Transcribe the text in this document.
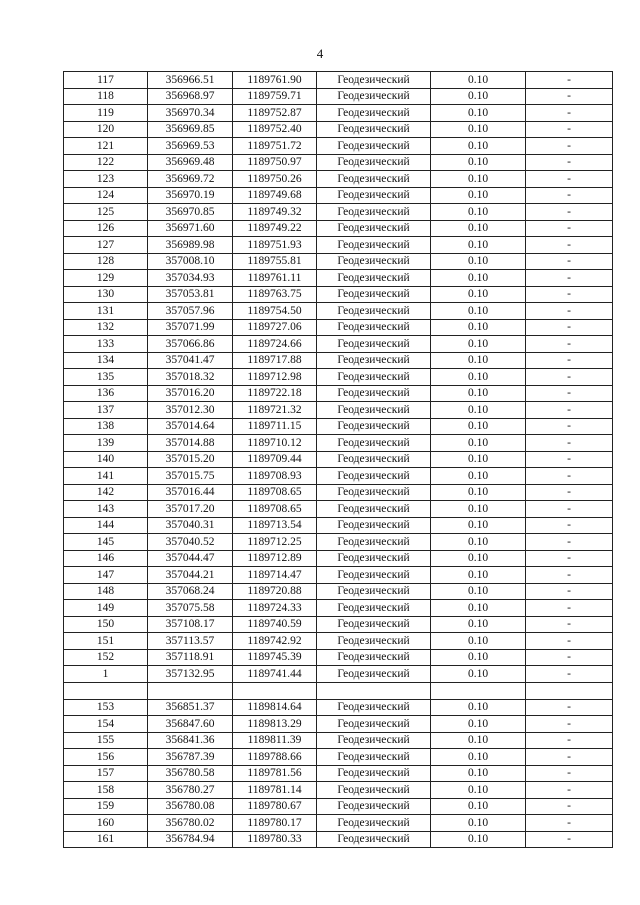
4
117	356966.51	1189761.90	Геодезический	0.10	-
118	356968.97	1189759.71	Геодезический	0.10	-
119	356970.34	1189752.87	Геодезический	0.10	-
120	356969.85	1189752.40	Геодезический	0.10	-
121	356969.53	1189751.72	Геодезический	0.10	-
122	356969.48	1189750.97	Геодезический	0.10	-
123	356969.72	1189750.26	Геодезический	0.10	-
124	356970.19	1189749.68	Геодезический	0.10	-
125	356970.85	1189749.32	Геодезический	0.10	-
126	356971.60	1189749.22	Геодезический	0.10	-
127	356989.98	1189751.93	Геодезический	0.10	-
128	357008.10	1189755.81	Геодезический	0.10	-
129	357034.93	1189761.11	Геодезический	0.10	-
130	357053.81	1189763.75	Геодезический	0.10	-
131	357057.96	1189754.50	Геодезический	0.10	-
132	357071.99	1189727.06	Геодезический	0.10	-
133	357066.86	1189724.66	Геодезический	0.10	-
134	357041.47	1189717.88	Геодезический	0.10	-
135	357018.32	1189712.98	Геодезический	0.10	-
136	357016.20	1189722.18	Геодезический	0.10	-
137	357012.30	1189721.32	Геодезический	0.10	-
138	357014.64	1189711.15	Геодезический	0.10	-
139	357014.88	1189710.12	Геодезический	0.10	-
140	357015.20	1189709.44	Геодезический	0.10	-
141	357015.75	1189708.93	Геодезический	0.10	-
142	357016.44	1189708.65	Геодезический	0.10	-
143	357017.20	1189708.65	Геодезический	0.10	-
144	357040.31	1189713.54	Геодезический	0.10	-
145	357040.52	1189712.25	Геодезический	0.10	-
146	357044.47	1189712.89	Геодезический	0.10	-
147	357044.21	1189714.47	Геодезический	0.10	-
148	357068.24	1189720.88	Геодезический	0.10	-
149	357075.58	1189724.33	Геодезический	0.10	-
150	357108.17	1189740.59	Геодезический	0.10	-
151	357113.57	1189742.92	Геодезический	0.10	-
152	357118.91	1189745.39	Геодезический	0.10	-
1	357132.95	1189741.44	Геодезический	0.10	-

153	356851.37	1189814.64	Геодезический	0.10	-
154	356847.60	1189813.29	Геодезический	0.10	-
155	356841.36	1189811.39	Геодезический	0.10	-
156	356787.39	1189788.66	Геодезический	0.10	-
157	356780.58	1189781.56	Геодезический	0.10	-
158	356780.27	1189781.14	Геодезический	0.10	-
159	356780.08	1189780.67	Геодезический	0.10	-
160	356780.02	1189780.17	Геодезический	0.10	-
161	356784.94	1189780.33	Геодезический	0.10	-
